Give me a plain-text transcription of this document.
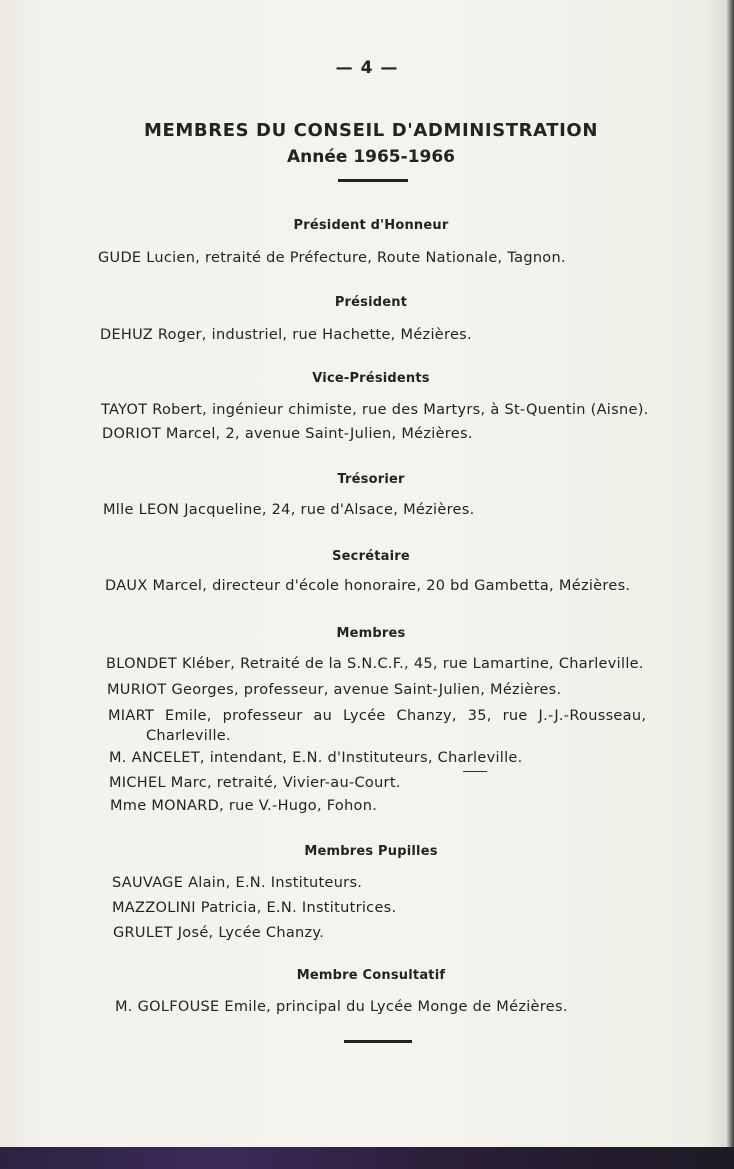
— 4 —
MEMBRES DU CONSEIL D'ADMINISTRATION
Année 1965-1966
Président d'Honneur
GUDE Lucien, retraité de Préfecture, Route Nationale, Tagnon.
Président
DEHUZ Roger, industriel, rue Hachette, Mézières.
Vice-Présidents
TAYOT Robert, ingénieur chimiste, rue des Martyrs, à St-Quentin (Aisne).
DORIOT Marcel, 2, avenue Saint-Julien, Mézières.
Trésorier
Mlle LEON Jacqueline, 24, rue d'Alsace, Mézières.
Secrétaire
DAUX Marcel, directeur d'école honoraire, 20 bd Gambetta, Mézières.
Membres
BLONDET Kléber, Retraité de la S.N.C.F., 45, rue Lamartine, Charleville.
MURIOT Georges, professeur, avenue Saint-Julien, Mézières.
MIART Emile, professeur au Lycée Chanzy, 35, rue J.-J.-Rousseau,
Charleville.
M. ANCELET, intendant, E.N. d'Instituteurs, Charleville.
MICHEL Marc, retraité, Vivier-au-Court.
Mme MONARD, rue V.-Hugo, Fohon.
Membres Pupilles
SAUVAGE Alain, E.N. Instituteurs.
MAZZOLINI Patricia, E.N. Institutrices.
GRULET José, Lycée Chanzy.
Membre Consultatif
M. GOLFOUSE Emile, principal du Lycée Monge de Mézières.
